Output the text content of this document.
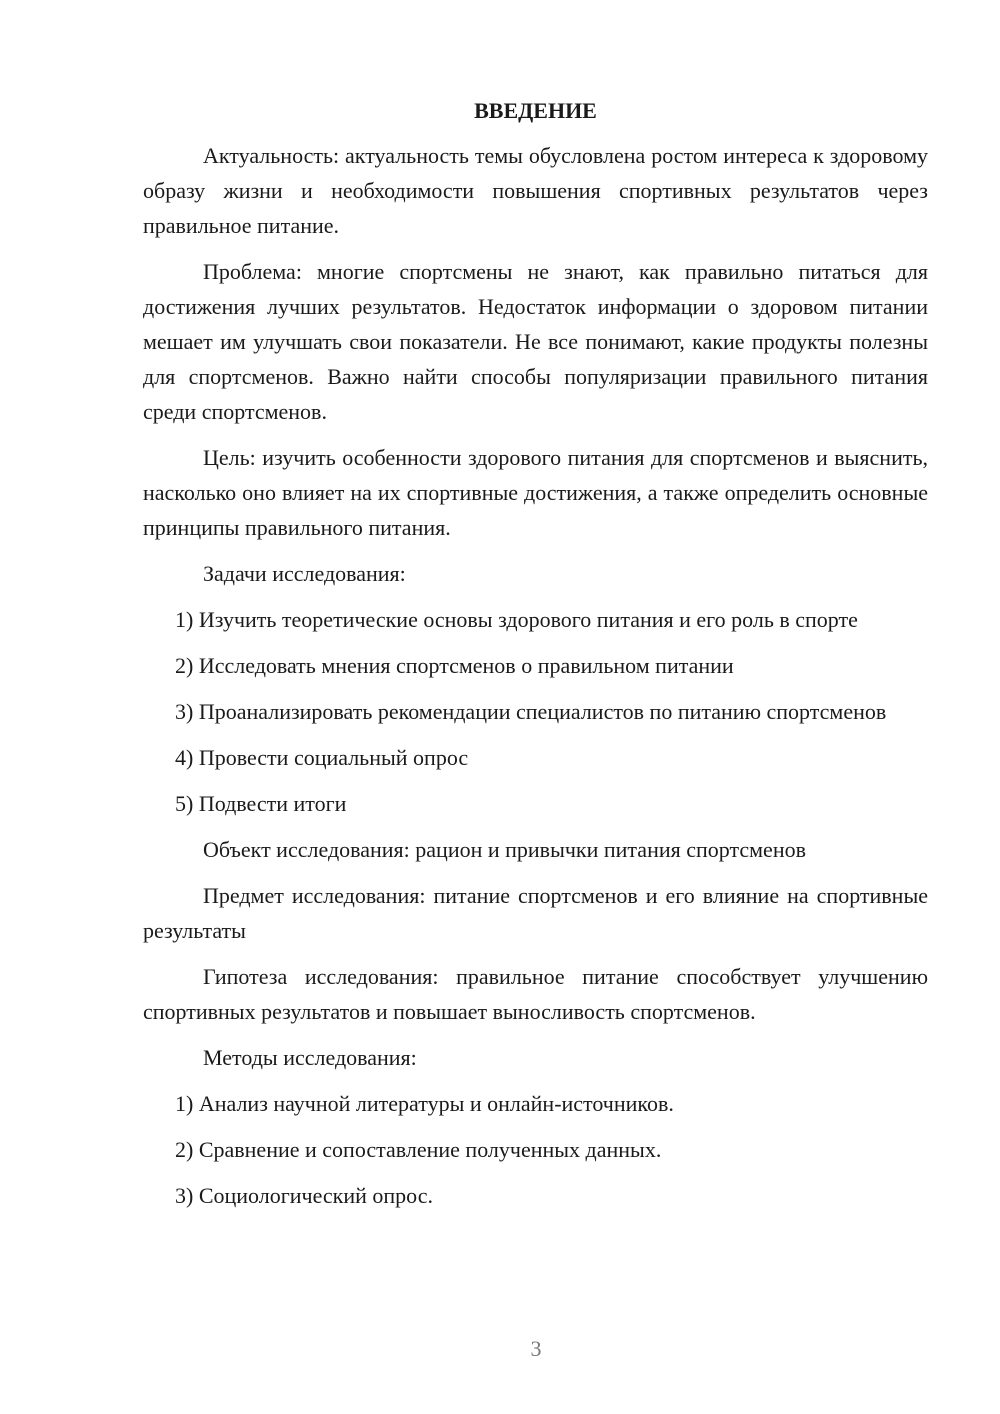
ВВЕДЕНИЕ

Актуальность: актуальность темы обусловлена ростом интереса к здоровому образу жизни и необходимости повышения спортивных результатов через правильное питание.

Проблема: многие спортсмены не знают, как правильно питаться для достижения лучших результатов. Недостаток информации о здоровом питании мешает им улучшать свои показатели. Не все понимают, какие продукты полезны для спортсменов. Важно найти способы популяризации правильного питания среди спортсменов.

Цель: изучить особенности здорового питания для спортсменов и выяснить, насколько оно влияет на их спортивные достижения, а также определить основные принципы правильного питания.

Задачи исследования:

1) Изучить теоретические основы здорового питания и его роль в спорте

2) Исследовать мнения спортсменов о правильном питании

3) Проанализировать рекомендации специалистов по питанию спортсменов

4) Провести социальный опрос

5) Подвести итоги

Объект исследования: рацион и привычки питания спортсменов

Предмет исследования: питание спортсменов и его влияние на спортивные результаты

Гипотеза исследования: правильное питание способствует улучшению спортивных результатов и повышает выносливость спортсменов.

Методы исследования:

1) Анализ научной литературы и онлайн-источников.

2) Сравнение и сопоставление полученных данных.

3) Социологический опрос.

3
